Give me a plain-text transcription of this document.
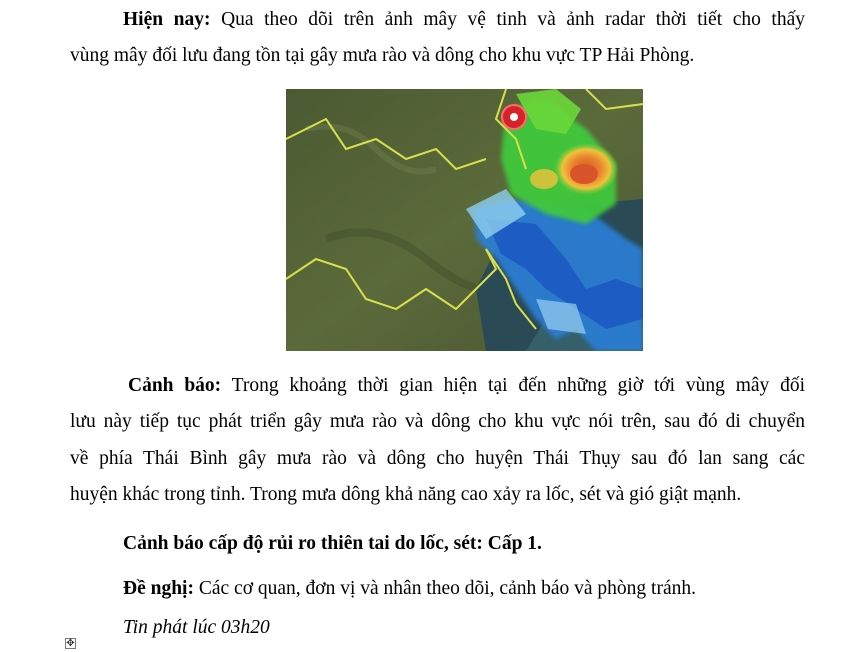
Hiện nay: Qua theo dõi trên ảnh mây vệ tinh và ảnh radar thời tiết cho thấy
vùng mây đối lưu đang tồn tại gây mưa rào và dông cho khu vực TP Hải Phòng.
Cảnh báo: Trong khoảng thời gian hiện tại đến những giờ tới vùng mây đối
lưu này tiếp tục phát triển gây mưa rào và dông cho khu vực nói trên, sau đó di chuyển
về phía Thái Bình gây mưa rào và dông cho huyện Thái Thụy sau đó lan sang các
huyện khác trong tỉnh. Trong mưa dông khả năng cao xảy ra lốc, sét và gió giật mạnh.
Cảnh báo cấp độ rủi ro thiên tai do lốc, sét: Cấp 1.
Đề nghị: Các cơ quan, đơn vị và nhân theo dõi, cảnh báo và phòng tránh.
Tin phát lúc 03h20
✥
